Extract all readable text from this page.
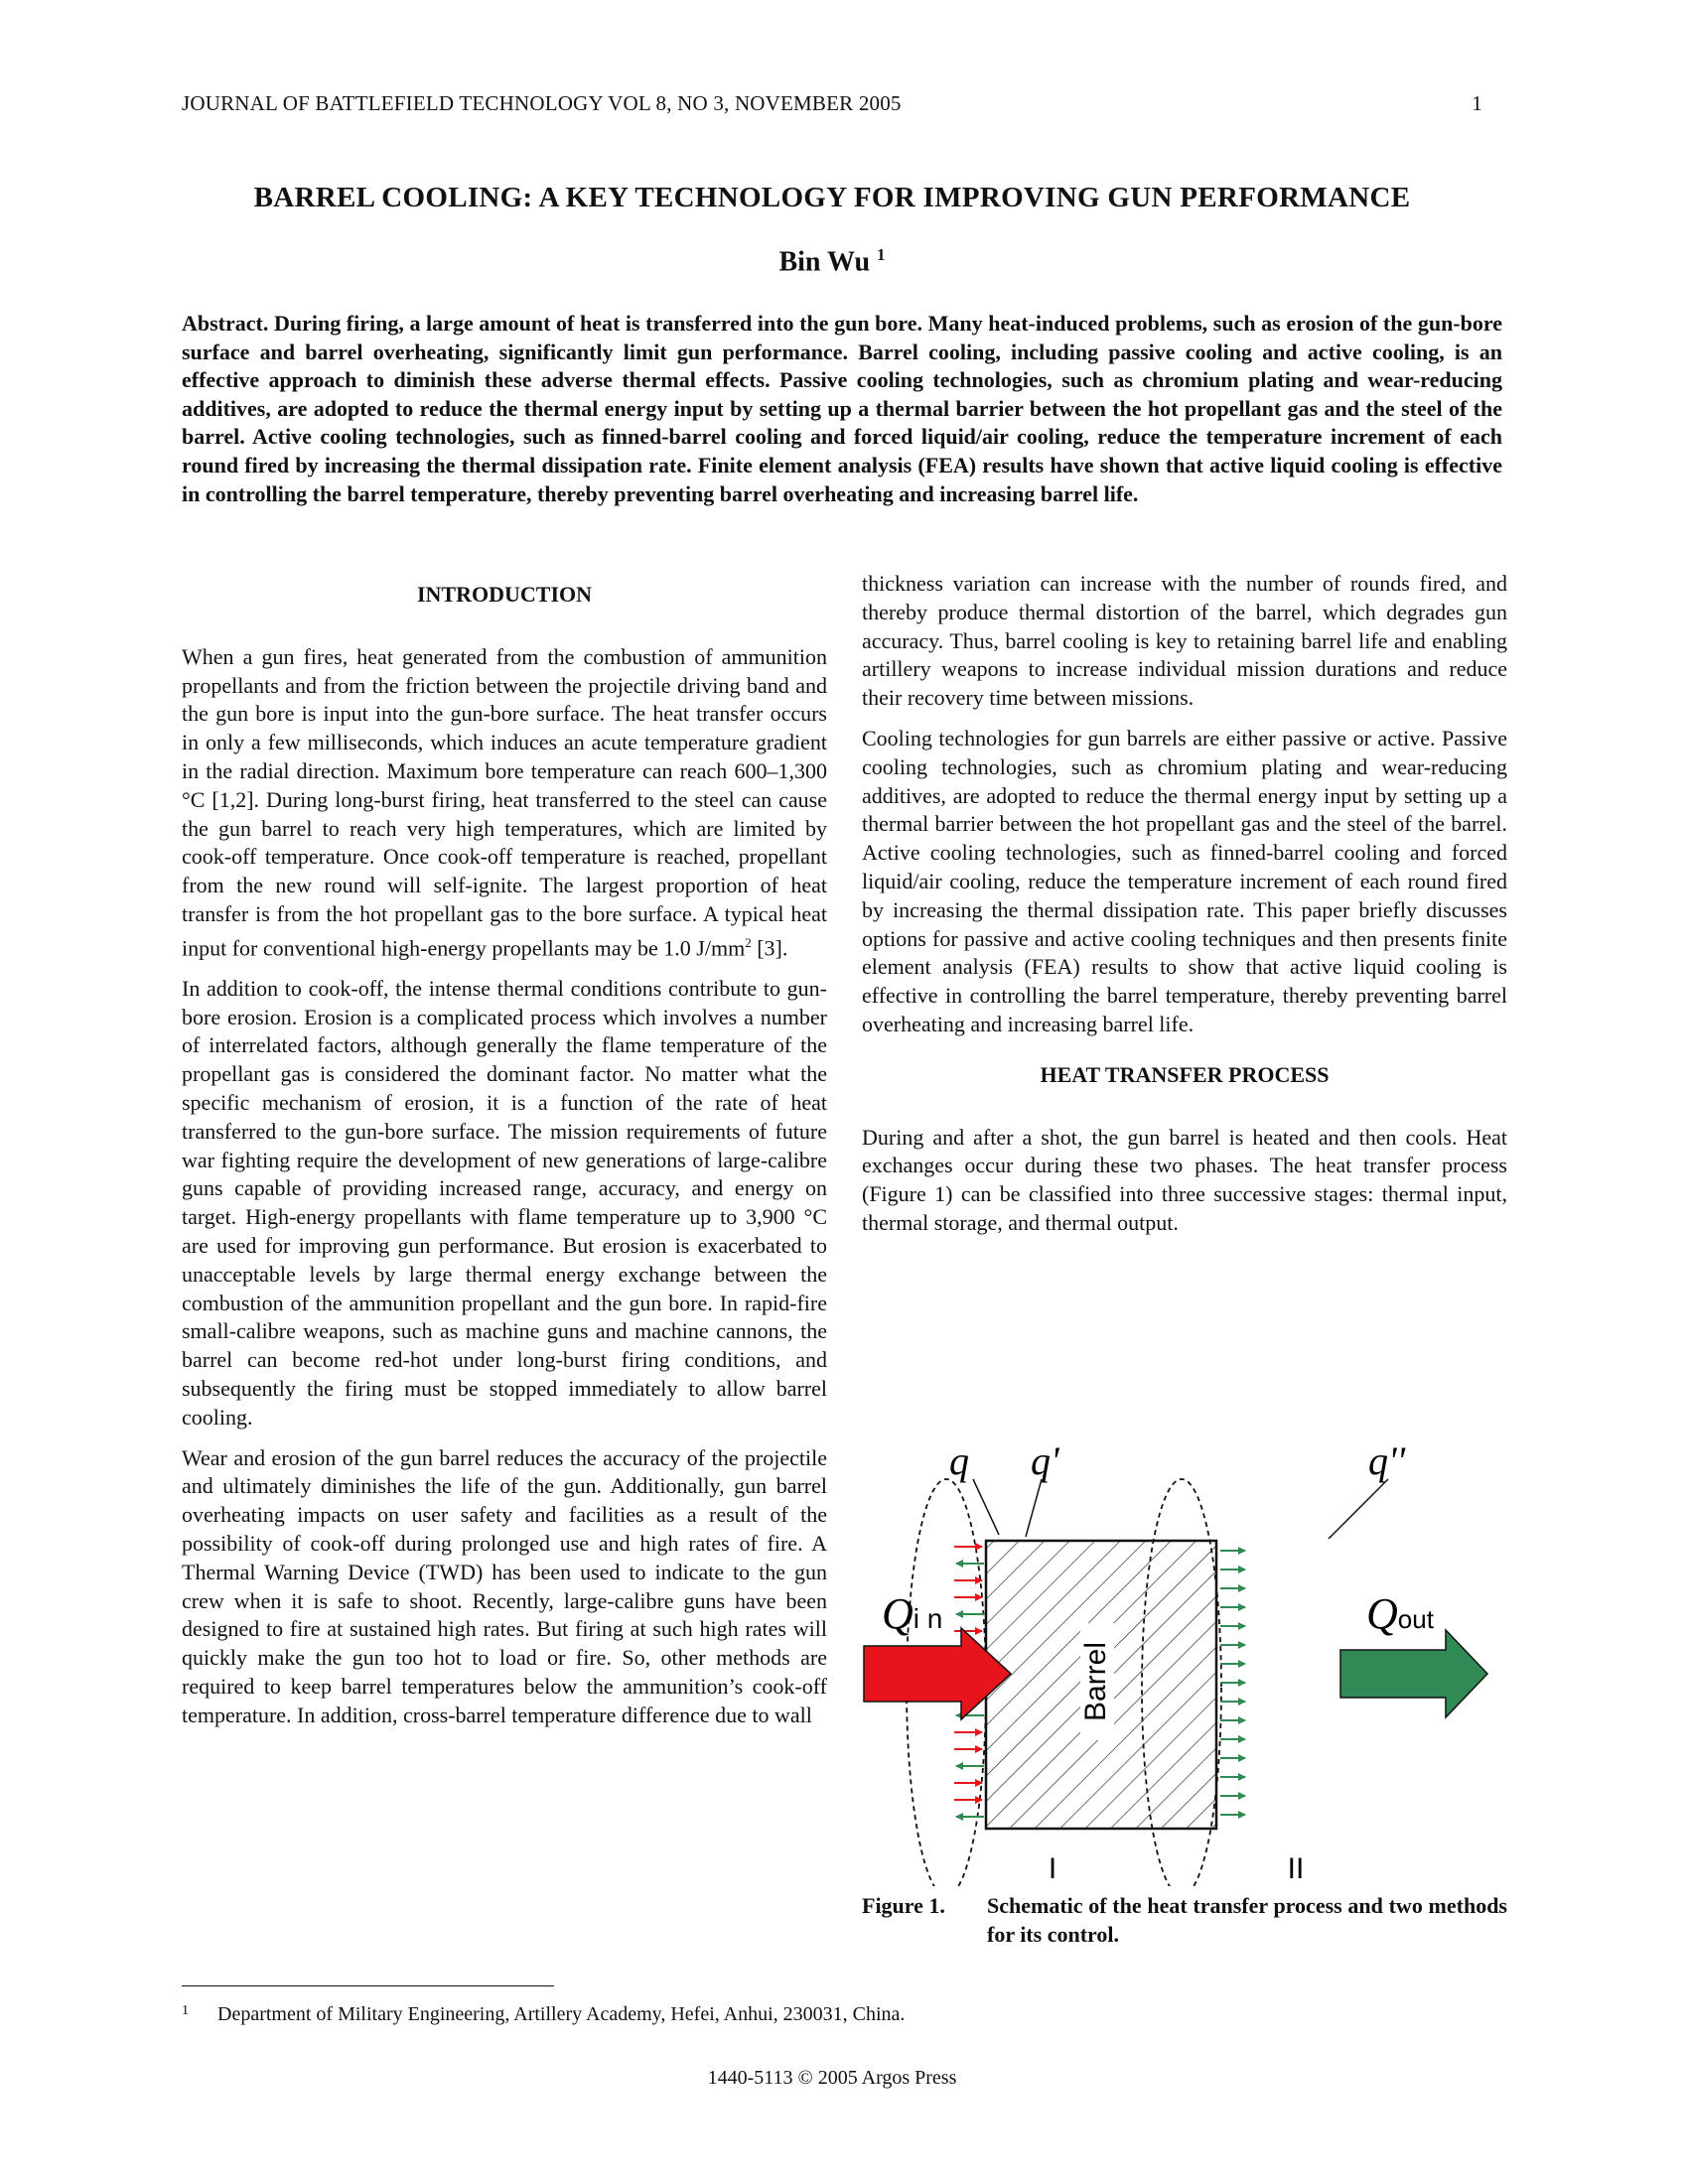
JOURNAL OF BATTLEFIELD TECHNOLOGY VOL 8, NO 3, NOVEMBER 2005	1
BARREL COOLING: A KEY TECHNOLOGY FOR IMPROVING GUN PERFORMANCE
Bin Wu $^1$
Abstract. During firing, a large amount of heat is transferred into the gun bore. Many heat-induced problems, such as erosion of the gun-bore surface and barrel overheating, significantly limit gun performance. Barrel cooling, including passive cooling and active cooling, is an effective approach to diminish these adverse thermal effects. Passive cooling technologies, such as chromium plating and wear-reducing additives, are adopted to reduce the thermal energy input by setting up a thermal barrier between the hot propellant gas and the steel of the barrel. Active cooling technologies, such as finned-barrel cooling and forced liquid/air cooling, reduce the temperature increment of each round fired by increasing the thermal dissipation rate. Finite element analysis (FEA) results have shown that active liquid cooling is effective in controlling the barrel temperature, thereby preventing barrel overheating and increasing barrel life.
INTRODUCTION

When a gun fires, heat generated from the combustion of ammunition propellants and from the friction between the projectile driving band and the gun bore is input into the gun-bore surface. The heat transfer occurs in only a few milliseconds, which induces an acute temperature gradient in the radial direction. Maximum bore temperature can reach 600–1,300 °C [1,2]. During long-burst firing, heat transferred to the steel can cause the gun barrel to reach very high temperatures, which are limited by cook-off temperature. Once cook-off temperature is reached, propellant from the new round will self-ignite. The largest proportion of heat transfer is from the hot propellant gas to the bore surface. A typical heat input for conventional high-energy propellants may be 1.0 $J/mm^2$ [3].

In addition to cook-off, the intense thermal conditions contribute to gun-bore erosion. Erosion is a complicated process which involves a number of interrelated factors, although generally the flame temperature of the propellant gas is considered the dominant factor. No matter what the specific mechanism of erosion, it is a function of the rate of heat transferred to the gun-bore surface. The mission requirements of future war fighting require the development of new generations of large-calibre guns capable of providing increased range, accuracy, and energy on target. High-energy propellants with flame temperature up to 3,900 °C are used for improving gun performance. But erosion is exacerbated to unacceptable levels by large thermal energy exchange between the combustion of the ammunition propellant and the gun bore. In rapid-fire small-calibre weapons, such as machine guns and machine cannons, the barrel can become red-hot under long-burst firing conditions, and subsequently the firing must be stopped immediately to allow barrel cooling.

Wear and erosion of the gun barrel reduces the accuracy of the projectile and ultimately diminishes the life of the gun. Additionally, gun barrel overheating impacts on user safety and facilities as a result of the possibility of cook-off during prolonged use and high rates of fire. A Thermal Warning Device (TWD) has been used to indicate to the gun crew when it is safe to shoot. Recently, large-calibre guns have been designed to fire at sustained high rates. But firing at such high rates will quickly make the gun too hot to load or fire. So, other methods are required to keep barrel temperatures below the ammunition’s cook-off temperature. In addition, cross-barrel temperature difference due to wall

thickness variation can increase with the number of rounds fired, and thereby produce thermal distortion of the barrel, which degrades gun accuracy. Thus, barrel cooling is key to retaining barrel life and enabling artillery weapons to increase individual mission durations and reduce their recovery time between missions.

Cooling technologies for gun barrels are either passive or active. Passive cooling technologies, such as chromium plating and wear-reducing additives, are adopted to reduce the thermal energy input by setting up a thermal barrier between the hot propellant gas and the steel of the barrel. Active cooling technologies, such as finned-barrel cooling and forced liquid/air cooling, reduce the temperature increment of each round fired by increasing the thermal dissipation rate. This paper briefly discusses options for passive and active cooling techniques and then presents finite element analysis (FEA) results to show that active liquid cooling is effective in controlling the barrel temperature, thereby preventing barrel overheating and increasing barrel life.

HEAT TRANSFER PROCESS

During and after a shot, the gun barrel is heated and then cools. Heat exchanges occur during these two phases. The heat transfer process (Figure 1) can be classified into three successive stages: thermal input, thermal storage, and thermal output.

Barrel
q q'	q''
Qi n	Qout
I	II
Figure 1. Schematic of the heat transfer process and two methods for its control.
1 Department of Military Engineering, Artillery Academy, Hefei, Anhui, 230031, China.
1440-5113 © 2005 Argos Press
